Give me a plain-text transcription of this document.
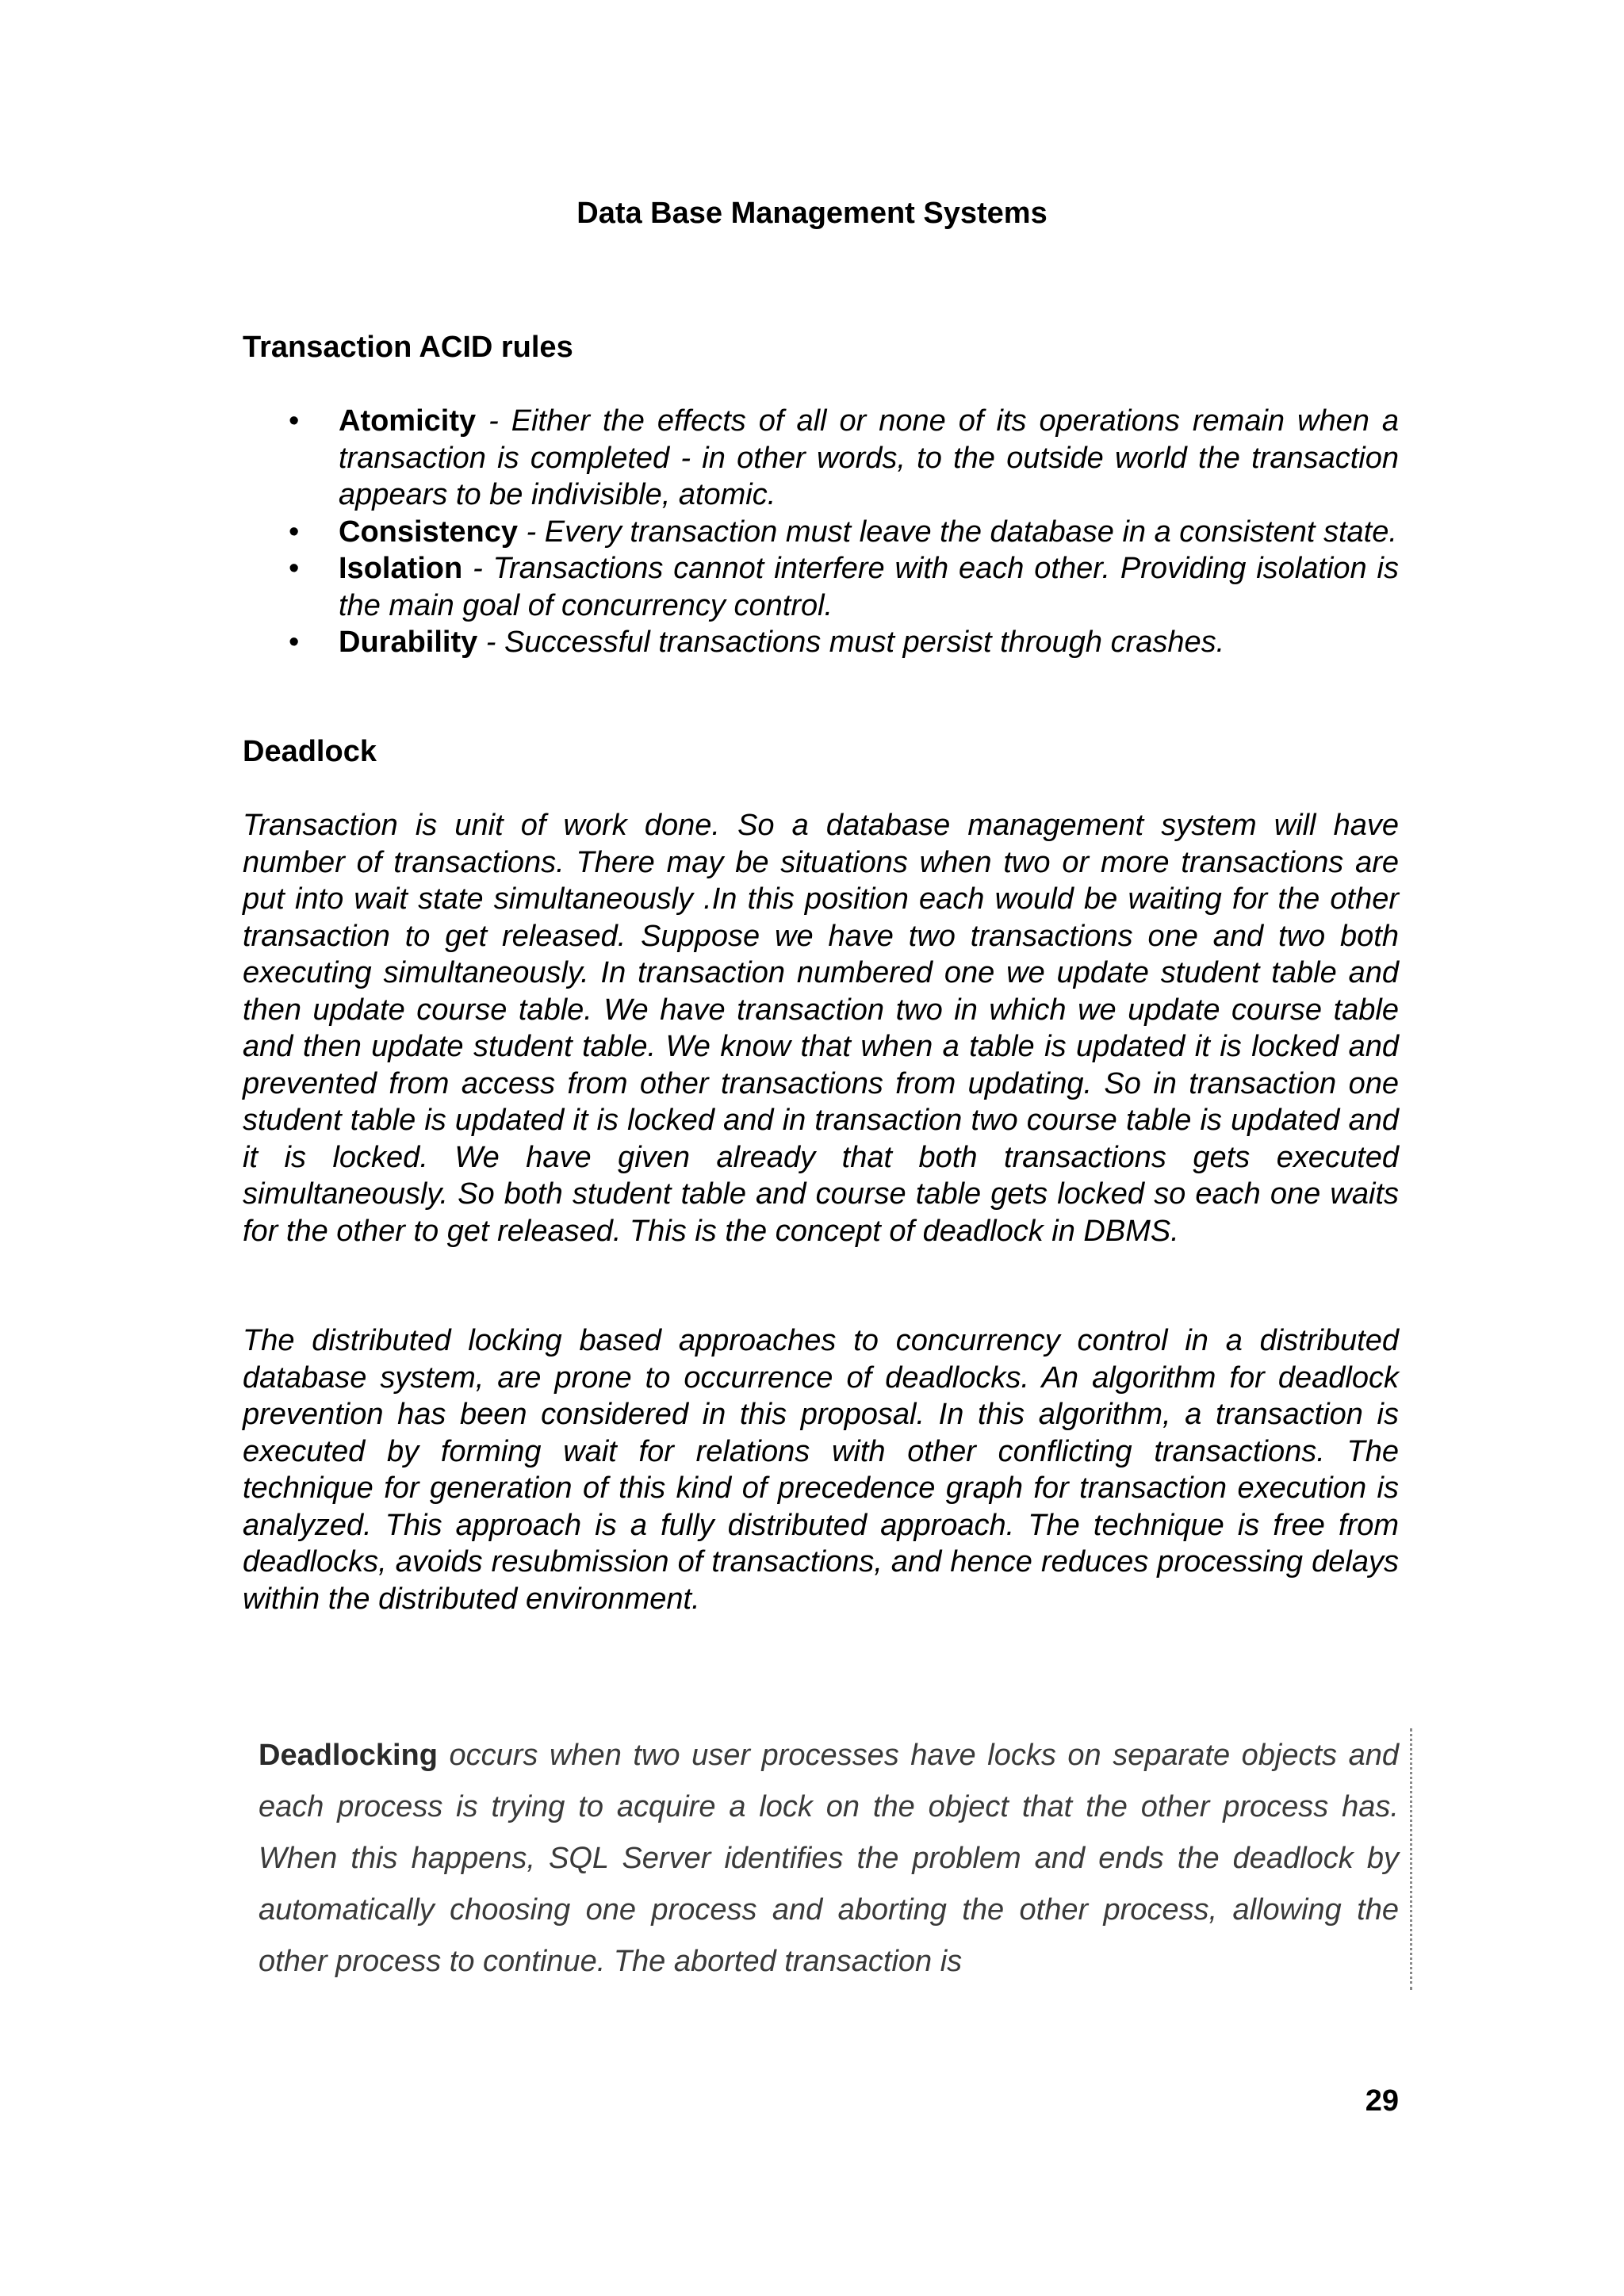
Data Base Management Systems
Transaction ACID rules
• Atomicity - Either the effects of all or none of its operations remain when a transaction is completed - in other words, to the outside world the transaction appears to be indivisible, atomic.
• Consistency - Every transaction must leave the database in a consistent state.
• Isolation - Transactions cannot interfere with each other. Providing isolation is the main goal of concurrency control.
• Durability - Successful transactions must persist through crashes.
Deadlock

Transaction is unit of work done. So a database management system will have number of transactions. There may be situations when two or more transactions are put into wait state simultaneously .In this position each would be waiting for the other transaction to get released. Suppose we have two transactions one and two both executing simultaneously. In transaction numbered one we update student table and then update course table. We have transaction two in which we update course table and then update student table. We know that when a table is updated it is locked and prevented from access from other transactions from updating. So in transaction one student table is updated it is locked and in transaction two course table is updated and it is locked. We have given already that both transactions gets executed simultaneously. So both student table and course table gets locked so each one waits for the other to get released. This is the concept of deadlock in DBMS.

The distributed locking based approaches to concurrency control in a distributed database system, are prone to occurrence of deadlocks. An algorithm for deadlock prevention has been considered in this proposal. In this algorithm, a transaction is executed by forming wait for relations with other conflicting transactions. The technique for generation of this kind of precedence graph for transaction execution is analyzed. This approach is a fully distributed approach. The technique is free from deadlocks, avoids resubmission of transactions, and hence reduces processing delays within the distributed environment.

Deadlocking occurs when two user processes have locks on separate objects and each process is trying to acquire a lock on the object that the other process has. When this happens, SQL Server identifies the problem and ends the deadlock by automatically choosing one process and aborting the other process, allowing the other process to continue. The aborted transaction is

29
